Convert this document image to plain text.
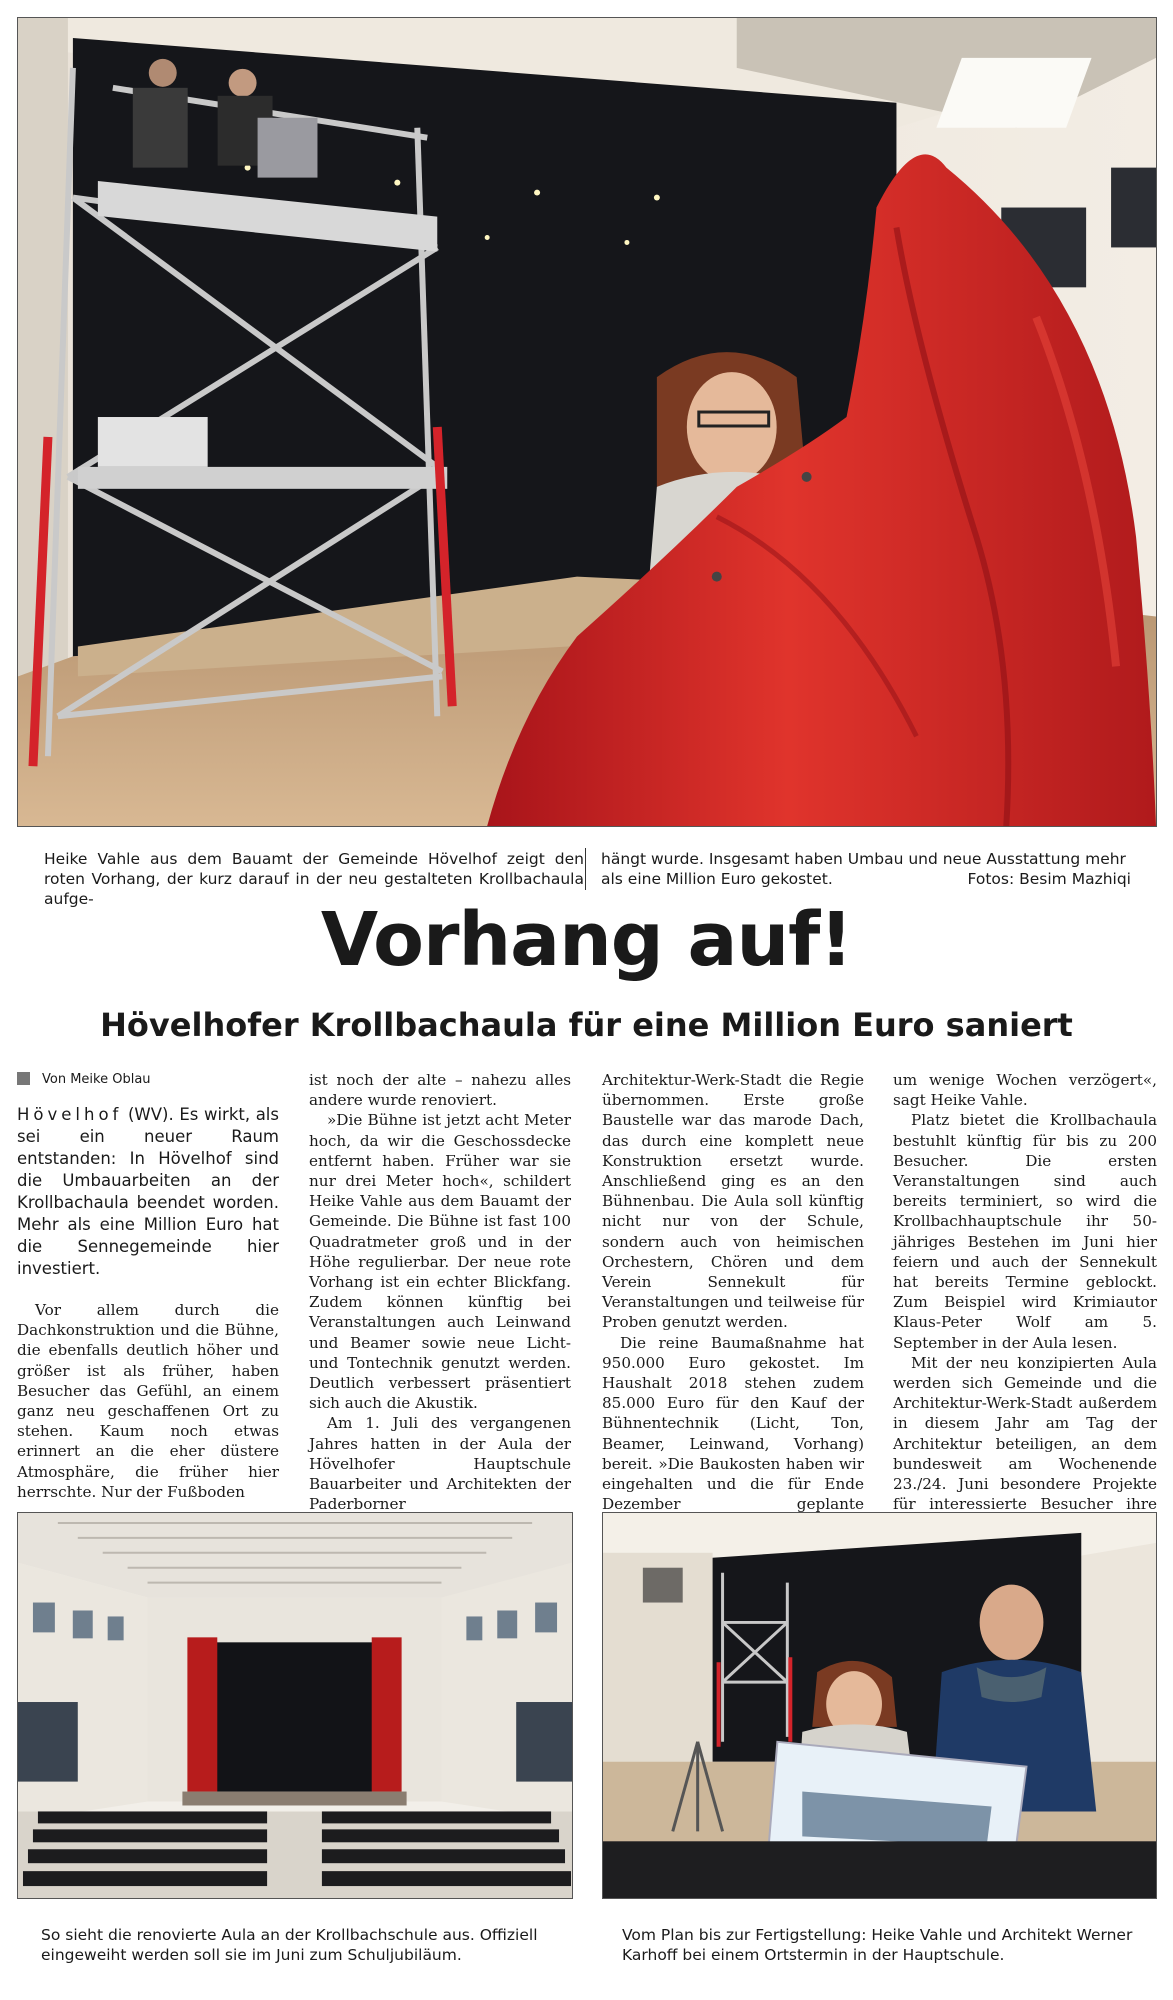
Heike Vahle aus dem Bauamt der Gemeinde Hövelhof zeigt den roten Vorhang, der kurz darauf in der neu gestalteten Krollbachaula aufge-
hängt wurde. Insgesamt haben Umbau und neue Ausstattung mehr als eine Million Euro gekostet.	Fotos: Besim Mazhiqi
Vorhang auf!
Hövelhofer Krollbachaula für eine Million Euro saniert
Von Meike Oblau
Hövelhof (WV). Es wirkt, als sei ein neuer Raum entstanden: In Hövelhof sind die Umbauarbeiten an der Krollbachaula beendet worden. Mehr als eine Million Euro hat die Sennegemeinde hier investiert.

Vor allem durch die Dachkonstruktion und die Bühne, die ebenfalls deutlich höher und größer ist als früher, haben Besucher das Gefühl, an einem ganz neu geschaffenen Ort zu stehen. Kaum noch etwas erinnert an die eher düstere Atmosphäre, die früher hier herrschte. Nur der Fußboden

ist noch der alte – nahezu alles andere wurde renoviert.

»Die Bühne ist jetzt acht Meter hoch, da wir die Geschossdecke entfernt haben. Früher war sie nur drei Meter hoch«, schildert Heike Vahle aus dem Bauamt der Gemeinde. Die Bühne ist fast 100 Quadratmeter groß und in der Höhe regulierbar. Der neue rote Vorhang ist ein echter Blickfang. Zudem können künftig bei Veranstaltungen auch Leinwand und Beamer sowie neue Licht- und Tontechnik genutzt werden. Deutlich verbessert präsentiert sich auch die Akustik.

Am 1. Juli des vergangenen Jahres hatten in der Aula der Hövelhofer Hauptschule Bauarbeiter und Architekten der Paderborner

Architektur-Werk-Stadt die Regie übernommen. Erste große Baustelle war das marode Dach, das durch eine komplett neue Konstruktion ersetzt wurde. Anschließend ging es an den Bühnenbau. Die Aula soll künftig nicht nur von der Schule, sondern auch von heimischen Orchestern, Chören und dem Verein Sennekult für Veranstaltungen und teilweise für Proben genutzt werden.

Die reine Baumaßnahme hat 950.000 Euro gekostet. Im Haushalt 2018 stehen zudem 85.000 Euro für den Kauf der Bühnentechnik (Licht, Ton, Beamer, Leinwand, Vorhang) bereit. »Die Baukosten haben wir eingehalten und die für Ende Dezember geplante

um wenige Wochen verzögert«, sagt Heike Vahle.

Platz bietet die Krollbachaula bestuhlt künftig für bis zu 200 Besucher. Die ersten Veranstaltungen sind auch bereits terminiert, so wird die Krollbachhauptschule ihr 50-jähriges Bestehen im Juni hier feiern und auch der Sennekult hat bereits Termine geblockt. Zum Beispiel wird Krimiautor Klaus-Peter Wolf am 5. September in der Aula lesen.

Mit der neu konzipierten Aula werden sich Gemeinde und die Architektur-Werk-Stadt außerdem in diesem Jahr am Tag der Architektur beteiligen, an dem bundesweit am Wochenende 23./24. Juni besondere Projekte für interessierte Besucher ihre

So sieht die renovierte Aula an der Krollbachschule aus. Offiziell eingeweiht werden soll sie im Juni zum Schuljubiläum.
Vom Plan bis zur Fertigstellung: Heike Vahle und Architekt Werner Karhoff bei einem Ortstermin in der Hauptschule.
